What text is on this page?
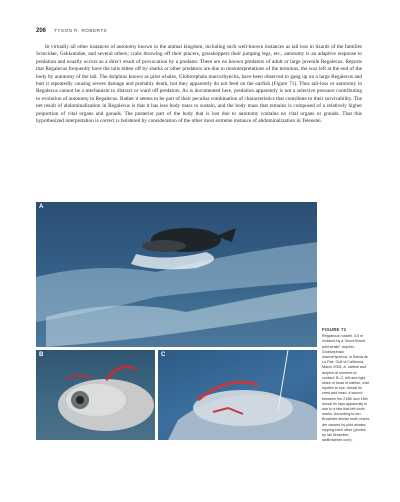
206 TYSON R. ROBERTS

In virtually all other instances of autotomy known in the animal kingdom, including such well-known instances as tail loss in lizards of the families Scincidae, Gekkonidae, and several others; crabs throwing off their pincers, grasshoppers their jumping legs, etc., autotomy is an adaptive response to predation and usually occurs as a direct result of provocation by a predator. There are no known predators of adult or large juvenile Regalecus. Reports that Regalecus frequently have the tails bitten off by sharks or other predators are due to misinterpretations of the terminus, the scar left at the end of the body by autotomy of the tail. The dolphins known as pilot whales, Globicephala macrorhyncha, have been observed to gang up on a large Regalecus and butt it repeatedly causing severe damage and probably death, but they apparently do not feed on the oarfish (Figure 71). Thus tail-loss or autotomy in Regalecus cannot be a mechanism to distract or ward off predators. As is documented here, predation apparently is not a selective pressure contributing to evolution of autotomy in Regalecus. Rather it seems to be part of their peculiar combination of characteristics that contribute to their survivability. The net result of abdominalization in Regalecus is that it has less body mass to sustain, and the body mass that remains is composed of a relatively higher proportion of vital organs and gonads. The posterior part of the body that is lost due to autotomy contains no vital organs or gonads. That this hypothesized interpretation is correct is bolstered by consideration of the other most extreme instance of abdominalization in Teleostei.

A
B	C
FIGURE 71

Regalecus russelii, 3.5 m mobbed by a "short-finned pilot whale" dolphin, Globicephala macrorhynchus, in Bahía de La Paz, Gulf of California, March 2005. A, oarfish and dolphin at moment of contact; B–C, left and right sides of head of oarfish; note injuries to eye, dorsal fin crest and head. A wound between the 215th and 16th dorsal fin rays apparently is due to a bite that left tooth marks. According to Ian Brownlee similar tooth marks are caused by pilot whales nipping each other (photos by Ian Brownlee, ianBrownlee.com).
